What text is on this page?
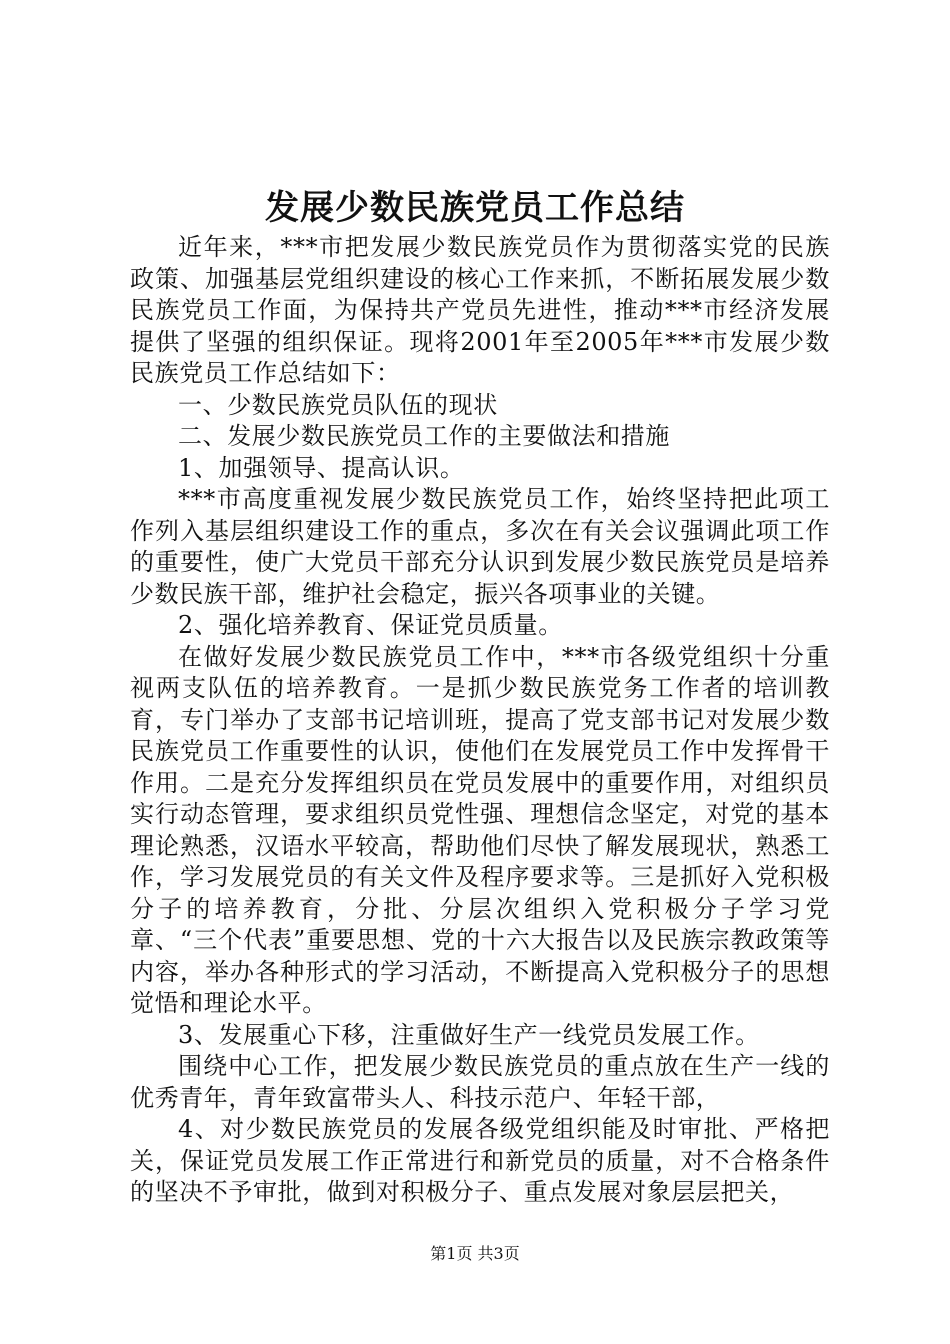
发展少数民族党员工作总结

近年来，***市把发展少数民族党员作为贯彻落实党的民族政策、加强基层党组织建设的核心工作来抓，不断拓展发展少数民族党员工作面，为保持共产党员先进性，推动***市经济发展提供了坚强的组织保证。现将2001年至2005年***市发展少数民族党员工作总结如下：

一、少数民族党员队伍的现状

二、发展少数民族党员工作的主要做法和措施

1、加强领导、提高认识。

***市高度重视发展少数民族党员工作，始终坚持把此项工作列入基层组织建设工作的重点，多次在有关会议强调此项工作的重要性，使广大党员干部充分认识到发展少数民族党员是培养少数民族干部，维护社会稳定，振兴各项事业的关键。

2、强化培养教育、保证党员质量。

在做好发展少数民族党员工作中，***市各级党组织十分重视两支队伍的培养教育。一是抓少数民族党务工作者的培训教育，专门举办了支部书记培训班，提高了党支部书记对发展少数民族党员工作重要性的认识，使他们在发展党员工作中发挥骨干作用。二是充分发挥组织员在党员发展中的重要作用，对组织员实行动态管理，要求组织员党性强、理想信念坚定，对党的基本理论熟悉，汉语水平较高，帮助他们尽快了解发展现状，熟悉工作，学习发展党员的有关文件及程序要求等。三是抓好入党积极分子的培养教育，分批、分层次组织入党积极分子学习党章、“三个代表”重要思想、党的十六大报告以及民族宗教政策等内容，举办各种形式的学习活动，不断提高入党积极分子的思想觉悟和理论水平。

3、发展重心下移，注重做好生产一线党员发展工作。

围绕中心工作，把发展少数民族党员的重点放在生产一线的优秀青年，青年致富带头人、科技示范户、年轻干部，

4、对少数民族党员的发展各级党组织能及时审批、严格把关，保证党员发展工作正常进行和新党员的质量，对不合格条件的坚决不予审批，做到对积极分子、重点发展对象层层把关，

第1页 共3页
